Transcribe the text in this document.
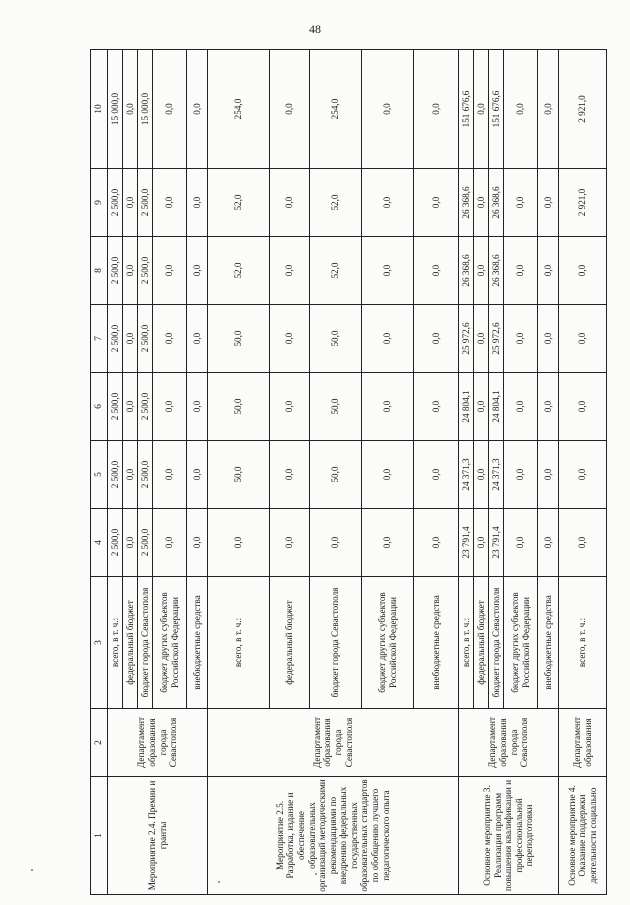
48
1	2	3	4	5	6	7	8	9	10
Мероприятие 2.4. Премии и гранты	Департамент образования города Севастополя	всего, в т. ч.:	2 500,0	2 500,0	2 500,0	2 500,0	2 500,0	2 500,0	15 000,0
		федеральный бюджет	0,0	0,0	0,0	0,0	0,0	0,0	0,0
		бюджет города Севастополя	2 500,0	2 500,0	2 500,0	2 500,0	2 500,0	2 500,0	15 000,0
		бюджет других субъектов Российской Федерации	0,0	0,0	0,0	0,0	0,0	0,0	0,0
		внебюджетные средства	0,0	0,0	0,0	0,0	0,0	0,0	0,0
Мероприятие 2.5. Разработка, издание и обеспечение образовательных организаций методическими рекомендациями по внедрению федеральных государственных образовательных стандартов по обобщению лучшего педагогического опыта	Департамент образования города Севастополя	всего, в т. ч.:	0,0	50,0	50,0	50,0	52,0	52,0	254,0
		федеральный бюджет	0,0	0,0	0,0	0,0	0,0	0,0	0,0
		бюджет города Севастополя	0,0	50,0	50,0	50,0	52,0	52,0	254,0
		бюджет других субъектов Российской Федерации	0,0	0,0	0,0	0,0	0,0	0,0	0,0
		внебюджетные средства	0,0	0,0	0,0	0,0	0,0	0,0	0,0
Основное мероприятие 3. Реализация программ повышения квалификации и профессиональной переподготовки	Департамент образования города Севастополя	всего, в т. ч.:	23 791,4	24 371,3	24 804,1	25 972,6	26 368,6	26 368,6	151 676,6
		федеральный бюджет	0,0	0,0	0,0	0,0	0,0	0,0	0,0
		бюджет города Севастополя	23 791,4	24 371,3	24 804,1	25 972,6	26 368,6	26 368,6	151 676,6
		бюджет других субъектов Российской Федерации	0,0	0,0	0,0	0,0	0,0	0,0	0,0
		внебюджетные средства	0,0	0,0	0,0	0,0	0,0	0,0	0,0
Основное мероприятие 4. Оказание поддержки деятельности социально	Департамент образования	всего, в т. ч.:	0,0	0,0	0,0	0,0	0,0	2 921,0	2 921,0
